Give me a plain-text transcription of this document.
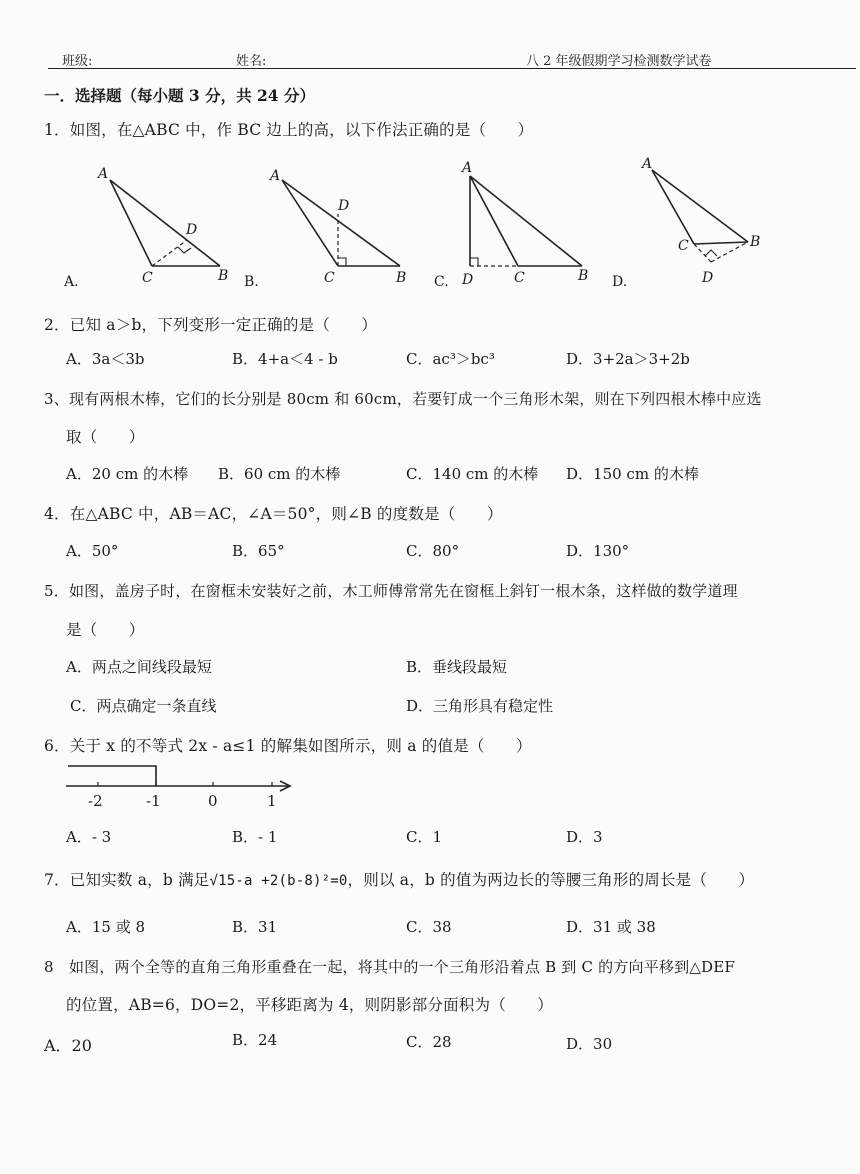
班级:	姓名:	八 2 年级假期学习检测数学试卷
一．选择题（每小题 3 分，共 24 分）
1．如图，在△ABC 中，作 BC 边上的高，以下作法正确的是（　　）
A
D
C	B
A
D
C	B
A
D	C	B
A
C	B
D
A.	B.	C.	D.
2．已知 a＞b，下列变形一定正确的是（　　）
A．3a＜3b	B．4+a＜4 - b	C．ac³＞bc³	D．3+2a＞3+2b
3、现有两根木棒，它们的长分别是 80cm 和 60cm，若要钉成一个三角形木架，则在下列四根木棒中应选
取（　　）
A．20 cm 的木棒 B．60 cm 的木棒	C．140 cm 的木棒 D．150 cm 的木棒
4．在△ABC 中，AB＝AC，∠A＝50°，则∠B 的度数是（　　）
A．50°	B．65°	C．80°	D．130°
5．如图，盖房子时，在窗框未安装好之前，木工师傅常常先在窗框上斜钉一根木条，这样做的数学道理
是（　　）
A．两点之间线段最短	B．垂线段最短
C．两点确定一条直线	D．三角形具有稳定性
6．关于 x 的不等式 2x - a≤1 的解集如图所示，则 a 的值是（　　）
-2	-1	0	1
A．- 3	B．- 1	C．1	D．3
7．已知实数 a，b 满足√15-a +2(b-8)²=0，则以 a，b 的值为两边长的等腰三角形的周长是（　　）
A．15 或 8	B．31	C．38	D．31 或 38
8　如图，两个全等的直角三角形重叠在一起，将其中的一个三角形沿着点 B 到 C 的方向平移到△DEF
的位置，AB=6，DO=2，平移距离为 4，则阴影部分面积为（　　）
A．20	B．24	C．28	D．30
